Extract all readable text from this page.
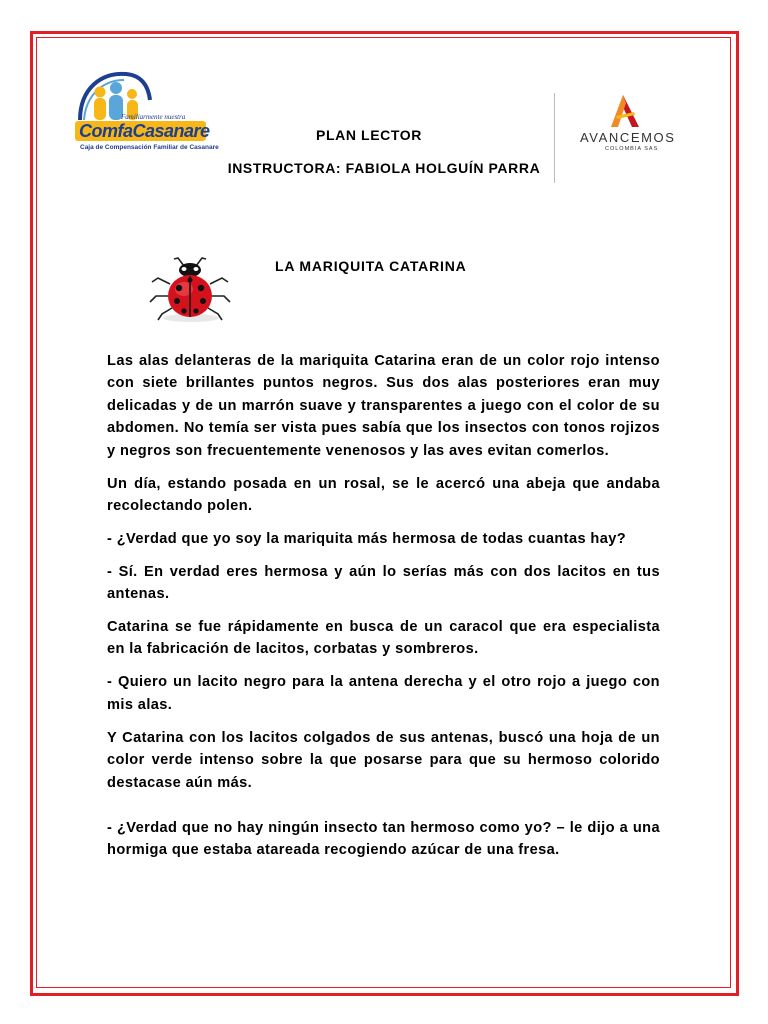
Familiarmente nuestra
ComfaCasanare
Caja de Compensación Familiar de Casanare
PLAN LECTOR
INSTRUCTORA: FABIOLA HOLGUÍN PARRA
AVANCEMOS
COLOMBIA SAS
LA MARIQUITA CATARINA

Las alas delanteras de la mariquita Catarina eran de un color rojo intenso con siete brillantes puntos negros. Sus dos alas posteriores eran muy delicadas y de un marrón suave y transparentes a juego con el color de su abdomen. No temía ser vista pues sabía que los insectos con tonos rojizos y negros son frecuentemente venenosos y las aves evitan comerlos.

Un día, estando posada en un rosal, se le acercó una abeja que andaba recolectando polen.

- ¿Verdad que yo soy la mariquita más hermosa de todas cuantas hay?

- Sí. En verdad eres hermosa y aún lo serías más con dos lacitos en tus antenas.

Catarina se fue rápidamente en busca de un caracol que era especialista en la fabricación de lacitos, corbatas y sombreros.

- Quiero un lacito negro para la antena derecha y el otro rojo a juego con mis alas.

Y Catarina con los lacitos colgados de sus antenas, buscó una hoja de un color verde intenso sobre la que posarse para que su hermoso colorido destacase aún más.

- ¿Verdad que no hay ningún insecto tan hermoso como yo? – le dijo a una hormiga que estaba atareada recogiendo azúcar de una fresa.
